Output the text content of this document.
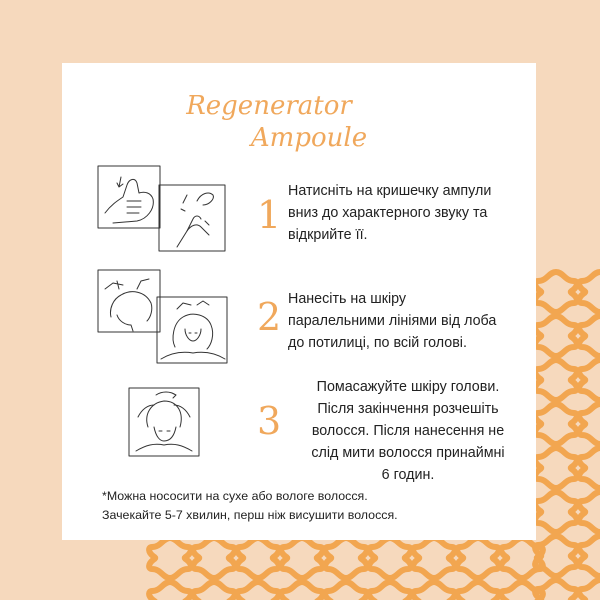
Regenerator
Ampoule
1
Натисніть на кришечку ампули
вниз до характерного звуку та
відкрийте її.
2 Нанесіть на шкіру
паралельними лініями від лоба
до потилиці, по всій голові.
3
Помасажуйте шкіру голови.
Після закінчення розчешіть
волосся. Після нанесення не
слід мити волосся принаймні
6 годин.
*Можна нососити на сухе або вологе волосся.
Зачекайте 5-7 хвилин, перш ніж висушити волосся.
